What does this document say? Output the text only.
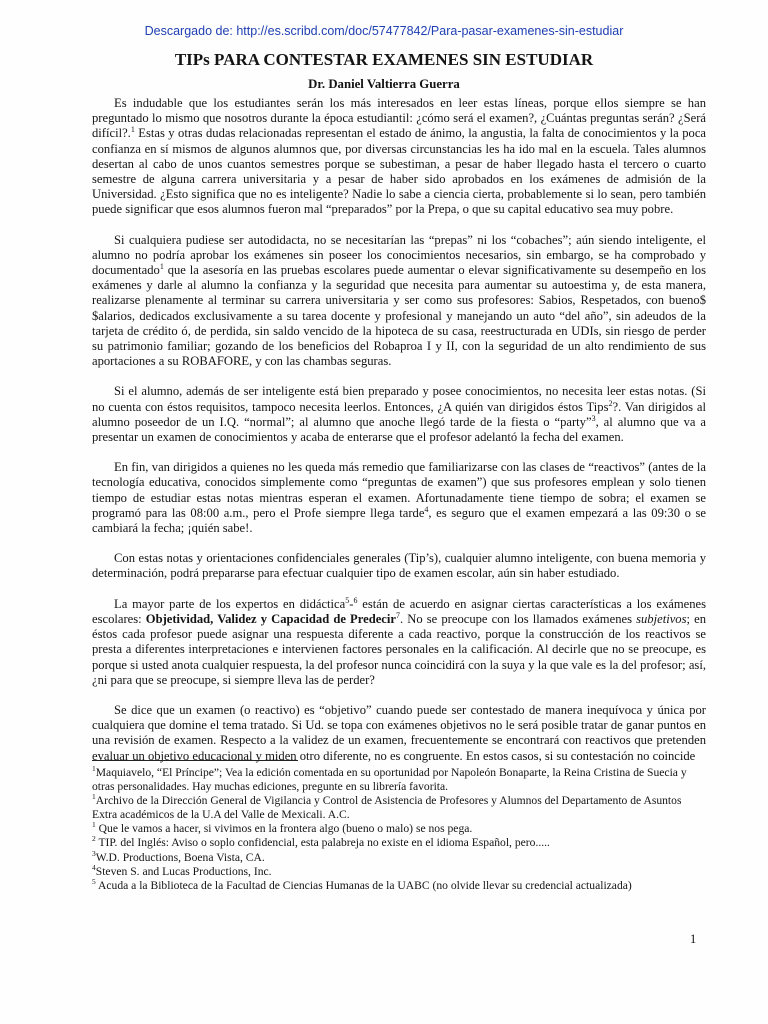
Descargado de: http://es.scribd.com/doc/57477842/Para-pasar-examenes-sin-estudiar
TIPs PARA CONTESTAR EXAMENES SIN ESTUDIAR
Dr. Daniel Valtierra Guerra

Es indudable que los estudiantes serán los más interesados en leer estas líneas, porque ellos siempre se han preguntado lo mismo que nosotros durante la época estudiantil: ¿cómo será el examen?, ¿Cuántas preguntas serán? ¿Será difícil?.$^1$ Estas y otras dudas relacionadas representan el estado de ánimo, la angustia, la falta de conocimientos y la poca confianza en sí mismos de algunos alumnos que, por diversas circunstancias les ha ido mal en la escuela. Tales alumnos desertan al cabo de unos cuantos semestres porque se subestiman, a pesar de haber llegado hasta el tercero o cuarto semestre de alguna carrera universitaria y a pesar de haber sido aprobados en los exámenes de admisión de la Universidad. ¿Esto significa que no es inteligente? Nadie lo sabe a ciencia cierta, probablemente si lo sean, pero también puede significar que esos alumnos fueron mal “preparados” por la Prepa, o que su capital educativo sea muy pobre.

Si cualquiera pudiese ser autodidacta, no se necesitarían las “prepas” ni los “cobaches”; aún siendo inteligente, el alumno no podría aprobar los exámenes sin poseer los conocimientos necesarios, sin embargo, se ha comprobado y documentado$^1$ que la asesoría en las pruebas escolares puede aumentar o elevar significativamente su desempeño en los exámenes y darle al alumno la confianza y la seguridad que necesita para aumentar su autoestima y, de esta manera, realizarse plenamente al terminar su carrera universitaria y ser como sus profesores: Sabios, Respetados, con bueno$ $alarios, dedicados exclusivamente a su tarea docente y profesional y manejando un auto “del año”, sin adeudos de la tarjeta de crédito ó, de perdida, sin saldo vencido de la hipoteca de su casa, reestructurada en UDIs, sin riesgo de perder su patrimonio familiar; gozando de los beneficios del Robaproa I y II, con la seguridad de un alto rendimiento de sus aportaciones a su ROBAFORE, y con las chambas seguras.

Si el alumno, además de ser inteligente está bien preparado y posee conocimientos, no necesita leer estas notas. (Si no cuenta con éstos requisitos, tampoco necesita leerlos. Entonces, ¿A quién van dirigidos éstos Tips$^2$?. Van dirigidos al alumno poseedor de un I.Q. “normal”; al alumno que anoche llegó tarde de la fiesta o “party”$^3$, al alumno que va a presentar un examen de conocimientos y acaba de enterarse que el profesor adelantó la fecha del examen.

En fin, van dirigidos a quienes no les queda más remedio que familiarizarse con las clases de “reactivos” (antes de la tecnología educativa, conocidos simplemente como “preguntas de examen”) que sus profesores emplean y solo tienen tiempo de estudiar estas notas mientras esperan el examen. Afortunadamente tiene tiempo de sobra; el examen se programó para las 08:00 a.m., pero el Profe siempre llega tarde$^4$, es seguro que el examen empezará a las 09:30 o se cambiará la fecha; ¡quién sabe!.

Con estas notas y orientaciones confidenciales generales (Tip’s), cualquier alumno inteligente, con buena memoria y determinación, podrá prepararse para efectuar cualquier tipo de examen escolar, aún sin haber estudiado.

La mayor parte de los expertos en didáctica$^5$-$^6$ están de acuerdo en asignar ciertas características a los exámenes escolares: Objetividad, Validez y Capacidad de Predecir$^7$. No se preocupe con los llamados exámenes subjetivos; en éstos cada profesor puede asignar una respuesta diferente a cada reactivo, porque la construcción de los reactivos se presta a diferentes interpretaciones e intervienen factores personales en la calificación. Al decirle que no se preocupe, es porque si usted anota cualquier respuesta, la del profesor nunca coincidirá con la suya y la que vale es la del profesor; así, ¿ni para que se preocupe, si siempre lleva las de perder?

Se dice que un examen (o reactivo) es “objetivo” cuando puede ser contestado de manera inequívoca y única por cualquiera que domine el tema tratado. Si Ud. se topa con exámenes objetivos no le será posible tratar de ganar puntos en una revisión de examen. Respecto a la validez de un examen, frecuentemente se encontrará con reactivos que pretenden evaluar un objetivo educacional y miden otro diferente, no es congruente. En estos casos, si su contestación no coincide

$^1$Maquiavelo, “El Príncipe”; Vea la edición comentada en su oportunidad por Napoleón Bonaparte, la Reina Cristina de Suecia y otras personalidades. Hay muchas ediciones, pregunte en su librería favorita.

$^1$Archivo de la Dirección General de Vigilancia y Control de Asistencia de Profesores y Alumnos del Departamento de Asuntos Extra académicos de la U.A del Valle de Mexicali. A.C.

$^1$ Que le vamos a hacer, si vivimos en la frontera algo (bueno o malo) se nos pega.

$^2$ TIP. del Inglés: Aviso o soplo confidencial, esta palabreja no existe en el idioma Español, pero.....

$^3$W.D. Productions, Boena Vista, CA.

$^4$Steven S. and Lucas Productions, Inc.

$^5$ Acuda a la Biblioteca de la Facultad de Ciencias Humanas de la UABC (no olvide llevar su credencial actualizada)

1
